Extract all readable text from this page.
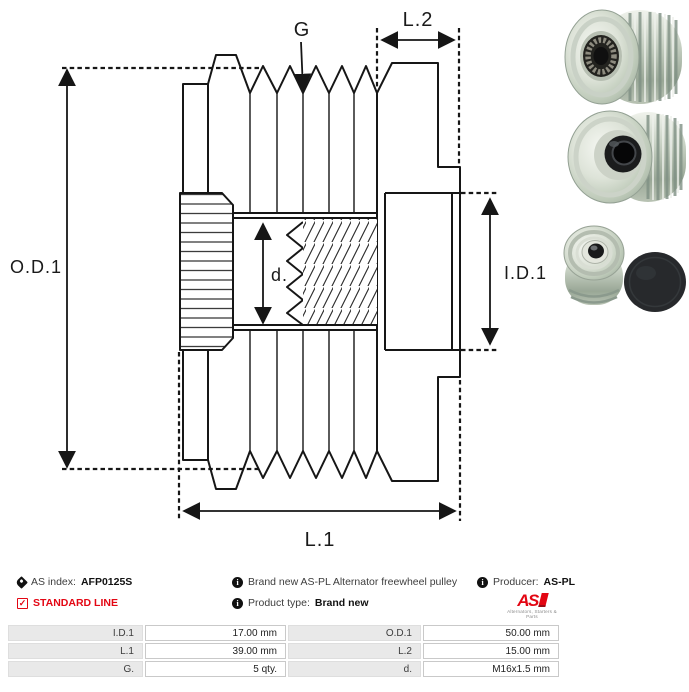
O.D.1
G	L.2
I.D.1
L.1
d.
AS index: AFP0125S
✓ STANDARD LINE
i Brand new AS-PL Alternator freewheel pulley
i Product type: Brand new
i Producer: AS-PL
AS
Alternators, Starters & Parts
I.D.1	17.00 mm	O.D.1	50.00 mm
L.1	39.00 mm	L.2	15.00 mm
G.	5 qty.	d.	M16x1.5 mm
